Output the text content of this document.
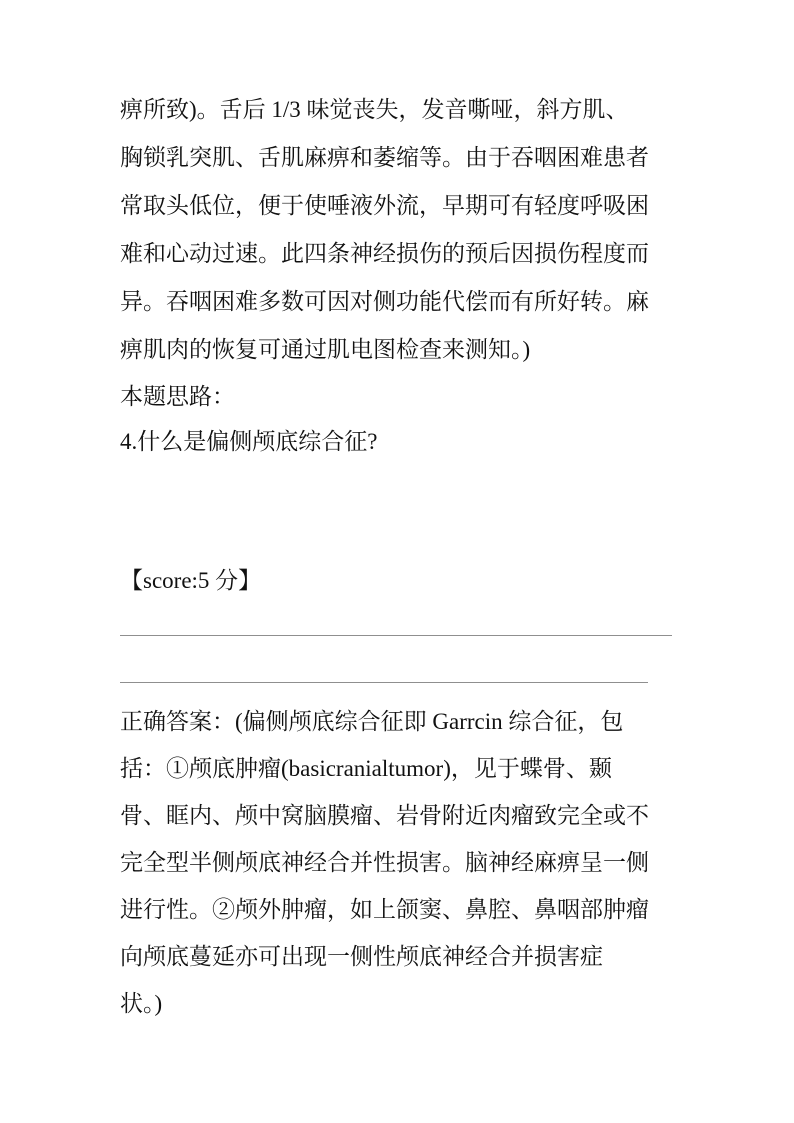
痹所致)。舌后 1/3 味觉丧失，发音嘶哑，斜方肌、
胸锁乳突肌、舌肌麻痹和萎缩等。由于吞咽困难患者
常取头低位，便于使唾液外流，早期可有轻度呼吸困
难和心动过速。此四条神经损伤的预后因损伤程度而
异。吞咽困难多数可因对侧功能代偿而有所好转。麻
痹肌肉的恢复可通过肌电图检查来测知。)
本题思路：
4.什么是偏侧颅底综合征?
【score:5 分】
正确答案：(偏侧颅底综合征即 Garrcin 综合征，包
括：①颅底肿瘤(basicranialtumor)，见于蝶骨、颞
骨、眶内、颅中窝脑膜瘤、岩骨附近肉瘤致完全或不
完全型半侧颅底神经合并性损害。脑神经麻痹呈一侧
进行性。②颅外肿瘤，如上颌窦、鼻腔、鼻咽部肿瘤
向颅底蔓延亦可出现一侧性颅底神经合并损害症
状。)
